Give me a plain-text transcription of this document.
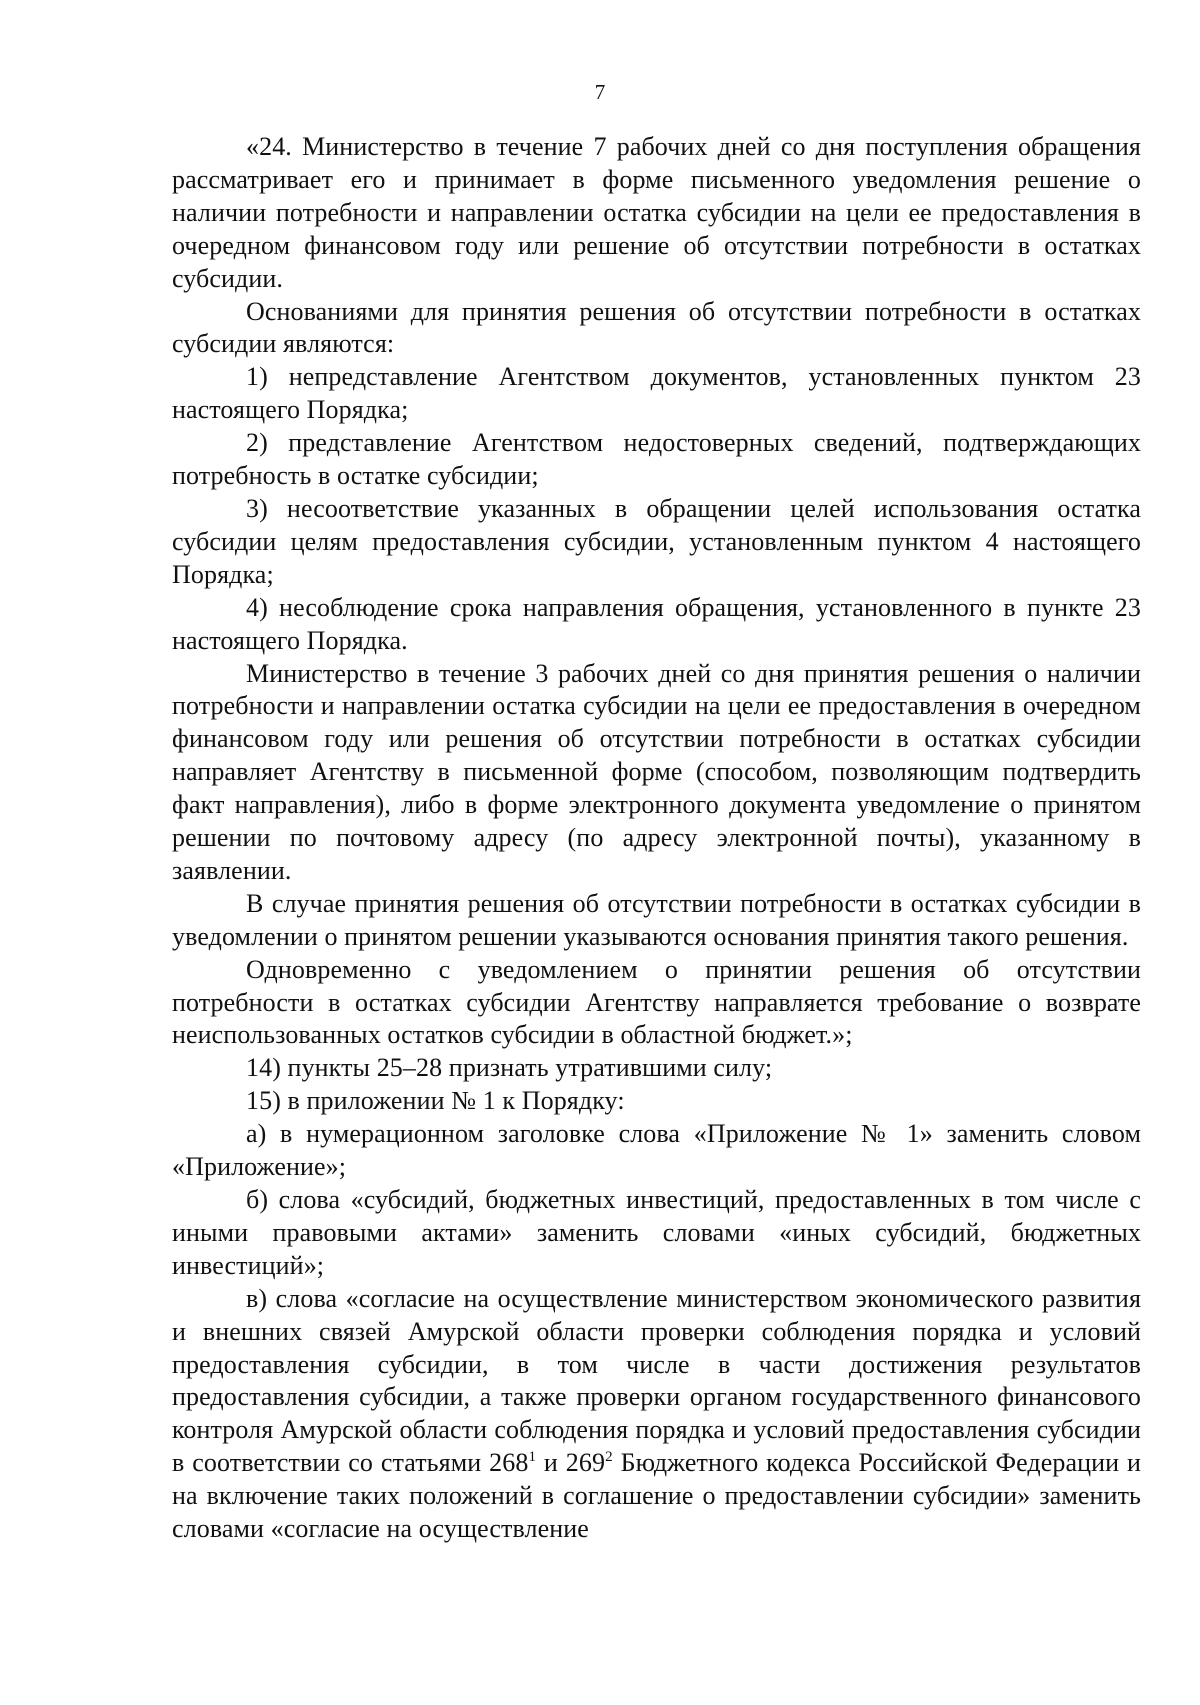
7

«24. Министерство в течение 7 рабочих дней со дня поступления обращения рассматривает его и принимает в форме письменного уведомления решение о наличии потребности и направлении остатка субсидии на цели ее предоставления в очередном финансовом году или решение об отсутствии потребности в остатках субсидии.

Основаниями для принятия решения об отсутствии потребности в остатках субсидии являются:

1) непредставление Агентством документов, установленных пунктом 23 настоящего Порядка;

2) представление Агентством недостоверных сведений, подтверждающих потребность в остатке субсидии;

3) несоответствие указанных в обращении целей использования остатка субсидии целям предоставления субсидии, установленным пунктом 4 настоящего Порядка;

4) несоблюдение срока направления обращения, установленного в пункте 23 настоящего Порядка.

Министерство в течение 3 рабочих дней со дня принятия решения о наличии потребности и направлении остатка субсидии на цели ее предоставления в очередном финансовом году или решения об отсутствии потребности в остатках субсидии направляет Агентству в письменной форме (способом, позволяющим подтвердить факт направления), либо в форме электронного документа уведомление о принятом решении по почтовому адресу (по адресу электронной почты), указанному в заявлении.

В случае принятия решения об отсутствии потребности в остатках субсидии в уведомлении о принятом решении указываются основания принятия такого решения.

Одновременно с уведомлением о принятии решения об отсутствии потребности в остатках субсидии Агентству направляется требование о возврате неиспользованных остатков субсидии в областной бюджет.»;

14) пункты 25–28 признать утратившими силу;

15) в приложении № 1 к Порядку:

а) в нумерационном заголовке слова «Приложение № 1» заменить словом «Приложение»;

б) слова «субсидий, бюджетных инвестиций, предоставленных в том числе с иными правовыми актами» заменить словами «иных субсидий, бюджетных инвестиций»;

в) слова «согласие на осуществление министерством экономического развития и внешних связей Амурской области проверки соблюдения порядка и условий предоставления субсидии, в том числе в части достижения результатов предоставления субсидии, а также проверки органом государственного финансового контроля Амурской области соблюдения порядка и условий предоставления субсидии в соответствии со статьями $268^1$ и $269^2$ Бюджетного кодекса Российской Федерации и на включение таких положений в соглашение о предоставлении субсидии» заменить словами «согласие на осуществление
